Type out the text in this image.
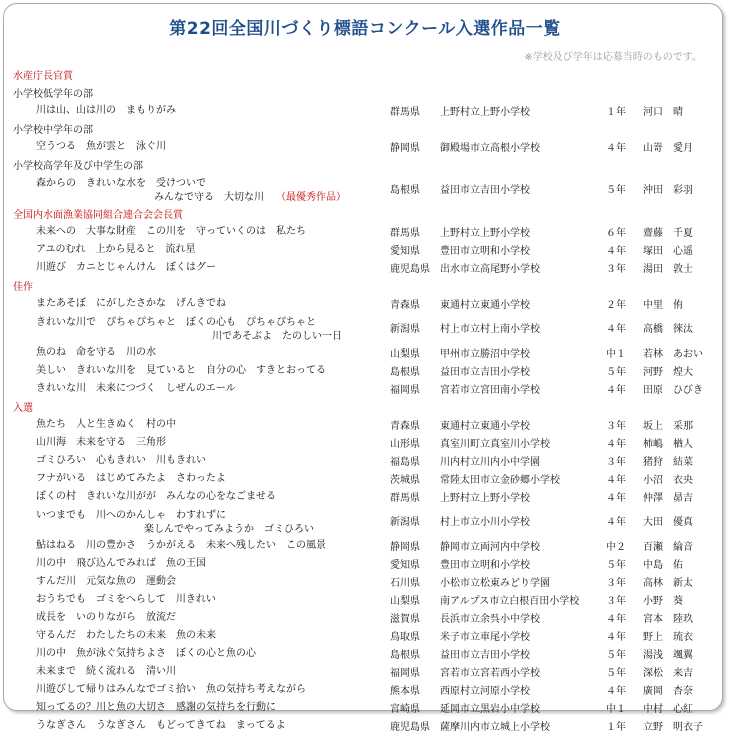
第22回全国川づくり標語コンクール入選作品一覧
※学校及び学年は応募当時のものです。
水産庁長官賞
小学校低学年の部
川は山、山は川の　まもりがみ	群馬県 上野村立上野小学校	１年 河口　晴
小学校中学年の部
空うつる　魚が雲と　泳ぐ川	静岡県 御殿場市立高根小学校	４年 山嵜　愛月
小学校高学年及び中学生の部
森からの　きれいな水を　受けついで
みんなで守る　大切な川 （最優秀作品）
島根県 益田市立吉田小学校	５年 沖田　彩羽
全国内水面漁業協同組合連合会会長賞
未来への　大事な財産　この川を　守っていくのは　私たち	群馬県 上野村立上野小学校	６年 齋藤　千夏
アユのむれ　上から見ると　流れ星	愛知県 豊田市立明和小学校	４年 塚田　心遥
川遊び　カニとじゃんけん　ぼくはグー	鹿児島県 出水市立高尾野小学校	３年 湯田　敦士
佳作
またあそぼ　にがしたさかな　げんきでね	青森県 東通村立東通小学校	２年 中里　侑
きれいな川で　ぴちゃぴちゃと　ぼくの心も　ぴちゃぴちゃと
川であそぶよ　たのしい一日
新潟県 村上市立村上南小学校	４年 高橋　徠汰
魚のね　命を守る　川の水	山梨県 甲州市立勝沼中学校	中１ 若林　あおい
美しい　きれいな川を　見ていると　自分の心　すきとおってる	島根県 益田市立吉田小学校	５年 河野　煌大
きれいな川　未来につづく　しぜんのエール	福岡県 宮若市立宮田南小学校	４年 田原　ひびき
入選
魚たち　人と生きぬく　村の中	青森県 東通村立東通小学校	３年 坂上　采那
山川海　未来を守る　三角形	山形県 真室川町立真室川小学校	４年 柿嶋　楢人
ゴミひろい　心もきれい　川もきれい	福島県 川内村立川内小中学園	３年 猪狩　結菜
フナがいる　はじめてみたよ　さわったよ	茨城県 常陸太田市立金砂郷小学校	４年 小沼　衣央
ぼくの村　きれいな川がが　みんなの心をなごませる	群馬県 上野村立上野小学校	４年 仲澤　昴吉
いつまでも　川へのかんしゃ　わすれずに
楽しんでやってみようか　ゴミひろい
新潟県 村上市立小川小学校	４年 大田　優真
鮎はねる　川の豊かさ　うかがえる　未来へ残したい　この風景	静岡県 静岡市立両河内中学校	中２ 百瀬　綸音
川の中　飛び込んでみれば　魚の王国	愛知県 豊田市立明和小学校	５年 中島　佑
すんだ川　元気な魚の　運動会	石川県 小松市立松東みどり学園	３年 高林　新太
おうちでも　ゴミをへらして　川きれい	山梨県 南アルプス市立白根百田小学校	３年 小野　葵
成長を　いのりながら　放流だ	滋賀県 長浜市立余呉小中学校	４年 宮本　陸玖
守るんだ　わたしたちの未来　魚の未来	鳥取県 米子市立車尾小学校	４年 野上　琉衣
川の中　魚が泳ぐ気持ちよさ　ぼくの心と魚の心	島根県 益田市立吉田小学校	５年 湯浅　颯翼
未来まで　続く流れる　清い川	福岡県 宮若市立宮若西小学校	５年 深松　来吉
川遊びして帰りはみんなでゴミ拾い　魚の気持ち考えながら	熊本県 西原村立河原小学校	４年 廣岡　杏奈
知ってるの？川と魚の大切さ　感謝の気持ちを行動に	宮崎県 延岡市立黒岩小中学校	中１ 中村　心紅
うなぎさん　うなぎさん　もどってきてね　まってるよ	鹿児島県 薩摩川内市立城上小学校	１年 立野　明衣子
